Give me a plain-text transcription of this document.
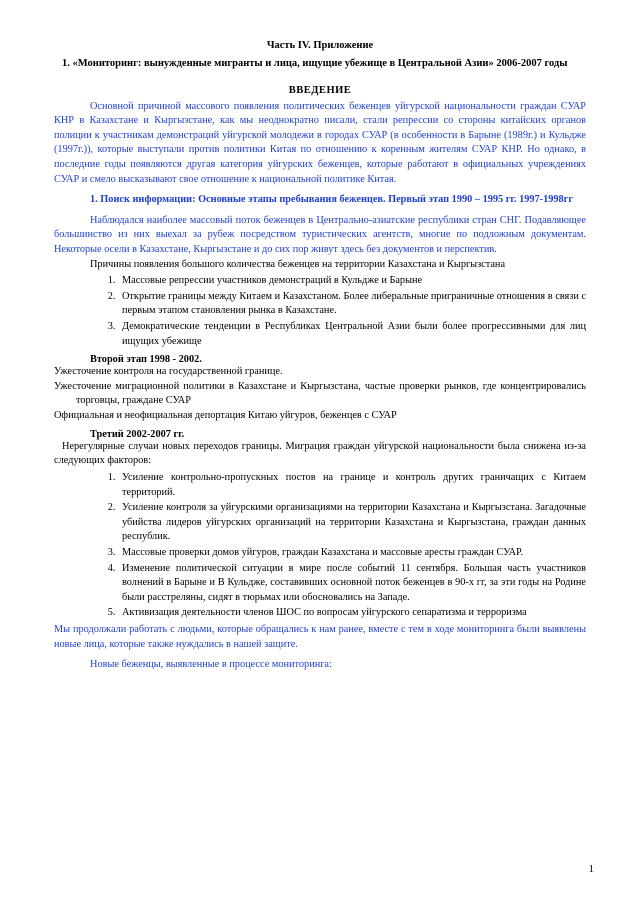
Часть IV. Приложение
1. «Мониторинг: вынужденные мигранты и лица, ищущие убежище в Центральной Азии» 2006-2007 годы
ВВЕДЕНИЕ

Основной причиной массового появления политических беженцев уйгурской национальности граждан СУАР КНР в Казахстане и Кыргызстане, как мы неоднократно писали, стали репрессии со стороны китайских органов полиции к участникам демонстраций уйгурской молодежи в городах СУАР (в особенности в Барыне (1989г.) и Кульдже (1997г.)), которые выступали против политики Китая по отношению к коренным жителям СУАР КНР. Но однако, в последние годы появляются другая категория уйгурских беженцев, которые работают в официальных учреждениях СУАР и смело высказывают свое отношение к национальной политике Китая.

1. Поиск информации: Основные этапы пребывания беженцев. Первый этап 1990 – 1995 гг. 1997-1998гг

Наблюдался наиболее массовый поток беженцев в Центрально-азиатские республики стран СНГ. Подавляющее большинство из них выехал за рубеж посредством туристических агентств, многие по подложным документам. Некоторые осели в Казахстане, Кыргызстане и до сих пор живут здесь без документов и перспектив.

Причины появления большого количества беженцев на территории Казахстана и Кыргызстана

1. Массовые репрессии участников демонстраций в Кульдже и Барыне
2. Открытие границы между Китаем и Казахстаном. Более либеральные приграничные отношения в связи с первым этапом становления рынка в Казахстане.
3. Демократические тенденции в Республиках Центральной Азии были более прогрессивными для лиц ищущих убежище

Второй этап 1998 - 2002.

Ужесточение контроля на государственной границе.

Ужесточение миграционной политики в Казахстане и Кыргызстана, частые проверки рынков, где концентрировались торговцы, граждане СУАР

Официальная и неофициальная депортация Китаю уйгуров, беженцев с СУАР

Третий 2002-2007 гг.

Нерегулярные случаи новых переходов границы. Миграция граждан уйгурской национальности была снижена из-за следующих факторов:

1. Усиление контрольно-пропускных постов на границе и контроль других граничащих с Китаем территорий.
2. Усиление контроля за уйгурскими организациями на территории Казахстана и Кыргызстана. Загадочные убийства лидеров уйгурских организаций на территории Казахстана и Кыргызстана, граждан данных республик.
3. Массовые проверки домов уйгуров, граждан Казахстана и массовые аресты граждан СУАР.
4. Изменение политической ситуации в мире после событий 11 сентября. Большая часть участников волнений в Барыне и В Кульдже, составивших основной поток беженцев в 90-х гг, за эти годы на Родине были расстреляны, сидят в тюрьмах или обосновались на Западе.
5. Активизация деятельности членов ШОС по вопросам уйгурского сепаратизма и терроризма

Мы продолжали работать с людьми, которые обращались к нам ранее, вместе с тем в ходе мониторинга были выявлены новые лица, которые также нуждались в нашей защите.

Новые беженцы, выявленные в процессе мониторинга:

1
